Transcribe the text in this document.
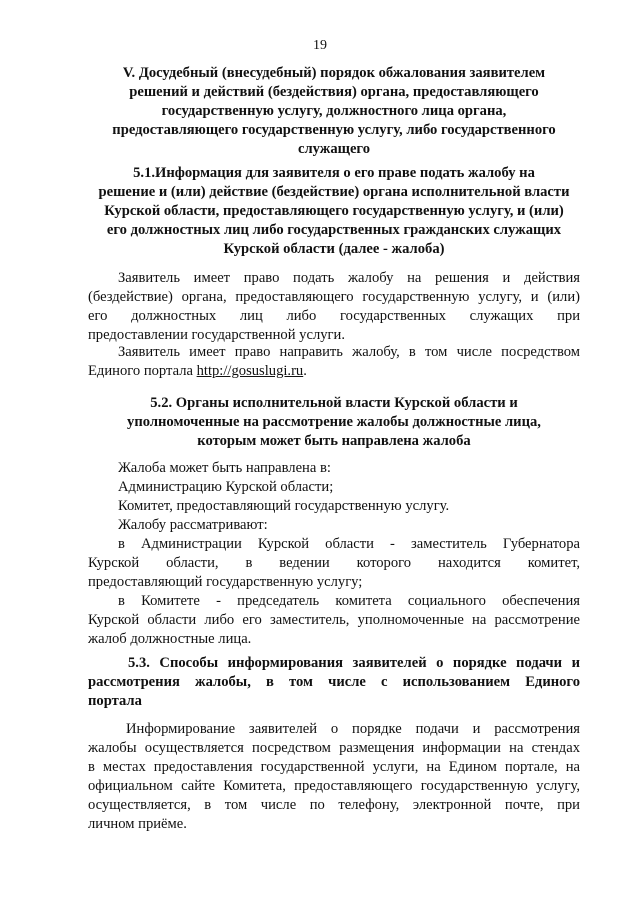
19
V. Досудебный (внесудебный) порядок обжалования заявителем
решений и действий (бездействия) органа, предоставляющего
государственную услугу, должностного лица органа,
предоставляющего государственную услугу, либо государственного
служащего
5.1.Информация для заявителя о его праве подать жалобу на
решение и (или) действие (бездействие) органа исполнительной власти
Курской области, предоставляющего государственную услугу, и (или)
его должностных лиц либо государственных гражданских служащих
Курской области (далее - жалоба)
Заявитель имеет право подать жалобу на решения и действия
(бездействие) органа, предоставляющего государственную услугу, и (или)
его должностных лиц либо государственных служащих при
предоставлении государственной услуги.
Заявитель имеет право направить жалобу, в том числе посредством
Единого портала http://gosuslugi.ru.
5.2. Органы исполнительной власти Курской области и
уполномоченные на рассмотрение жалобы должностные лица,
которым может быть направлена жалоба
Жалоба может быть направлена в:
Администрацию Курской области;
Комитет, предоставляющий государственную услугу.
Жалобу рассматривают:
в Администрации Курской области - заместитель Губернатора
Курской области, в ведении которого находится комитет,
предоставляющий государственную услугу;
в Комитете - председатель комитета социального обеспечения
Курской области либо его заместитель, уполномоченные на рассмотрение
жалоб должностные лица.
5.3. Способы информирования заявителей о порядке подачи и
рассмотрения жалобы, в том числе с использованием Единого
портала
Информирование заявителей о порядке подачи и рассмотрения
жалобы осуществляется посредством размещения информации на стендах
в местах предоставления государственной услуги, на Едином портале, на
официальном сайте Комитета, предоставляющего государственную услугу,
осуществляется, в том числе по телефону, электронной почте, при
личном приёме.
